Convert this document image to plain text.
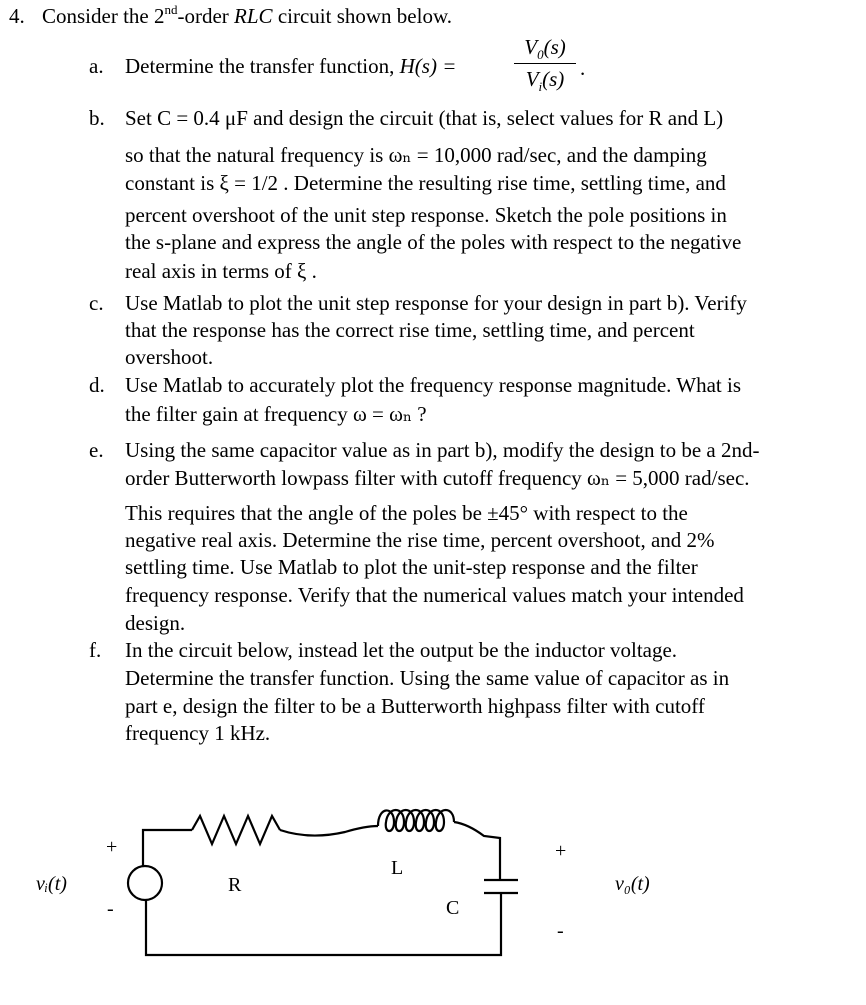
4. Consider the 2nd-order RLC circuit shown below.
a. Determine the transfer function, H(s) =
$V_0(s)$
$V_i(s)$ .
b. Set C = 0.4 μF and design the circuit (that is, select values for R and L)
so that the natural frequency is ωₙ = 10,000 rad/sec, and the damping
constant is ξ = 1/2 . Determine the resulting rise time, settling time, and
percent overshoot of the unit step response. Sketch the pole positions in
the s-plane and express the angle of the poles with respect to the negative
real axis in terms of ξ .
c. Use Matlab to plot the unit step response for your design in part b). Verify
that the response has the correct rise time, settling time, and percent
overshoot.
d. Use Matlab to accurately plot the frequency response magnitude. What is
the filter gain at frequency ω = ωₙ ?
e. Using the same capacitor value as in part b), modify the design to be a 2nd-
order Butterworth lowpass filter with cutoff frequency ωₙ = 5,000 rad/sec.
This requires that the angle of the poles be ±45° with respect to the
negative real axis. Determine the rise time, percent overshoot, and 2%
settling time. Use Matlab to plot the unit-step response and the filter
frequency response. Verify that the numerical values match your intended
design.
f. In the circuit below, instead let the output be the inductor voltage.
Determine the transfer function. Using the same value of capacitor as in
part e, design the filter to be a Butterworth highpass filter with cutoff
frequency 1 kHz.
+
-
vᵢ(t)	R
L
C
+
-
v₀(t)
